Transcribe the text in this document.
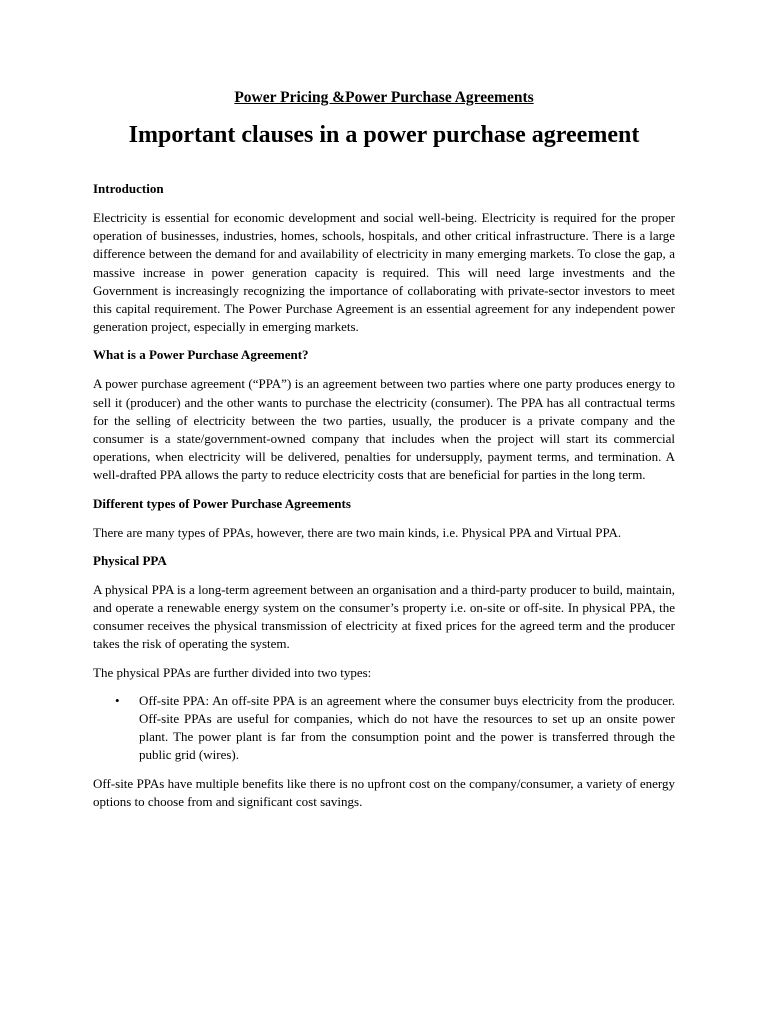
Power Pricing &Power Purchase Agreements

Important clauses in a power purchase agreement

Introduction

Electricity is essential for economic development and social well-being. Electricity is required for the proper operation of businesses, industries, homes, schools, hospitals, and other critical infrastructure. There is a large difference between the demand for and availability of electricity in many emerging markets. To close the gap, a massive increase in power generation capacity is required. This will need large investments and the Government is increasingly recognizing the importance of collaborating with private-sector investors to meet this capital requirement. The Power Purchase Agreement is an essential agreement for any independent power generation project, especially in emerging markets.

What is a Power Purchase Agreement?

A power purchase agreement (“PPA”) is an agreement between two parties where one party produces energy to sell it (producer) and the other wants to purchase the electricity (consumer). The PPA has all contractual terms for the selling of electricity between the two parties, usually, the producer is a private company and the consumer is a state/government-owned company that includes when the project will start its commercial operations, when electricity will be delivered, penalties for undersupply, payment terms, and termination. A well-drafted PPA allows the party to reduce electricity costs that are beneficial for parties in the long term.

Different types of Power Purchase Agreements

There are many types of PPAs, however, there are two main kinds, i.e. Physical PPA and Virtual PPA.

Physical PPA

A physical PPA is a long-term agreement between an organisation and a third-party producer to build, maintain, and operate a renewable energy system on the consumer’s property i.e. on-site or off-site. In physical PPA, the consumer receives the physical transmission of electricity at fixed prices for the agreed term and the producer takes the risk of operating the system.

The physical PPAs are further divided into two types:

• Off-site PPA: An off-site PPA is an agreement where the consumer buys electricity from the producer. Off-site PPAs are useful for companies, which do not have the resources to set up an onsite power plant. The power plant is far from the consumption point and the power is transferred through the public grid (wires).

Off-site PPAs have multiple benefits like there is no upfront cost on the company/consumer, a variety of energy options to choose from and significant cost savings.
